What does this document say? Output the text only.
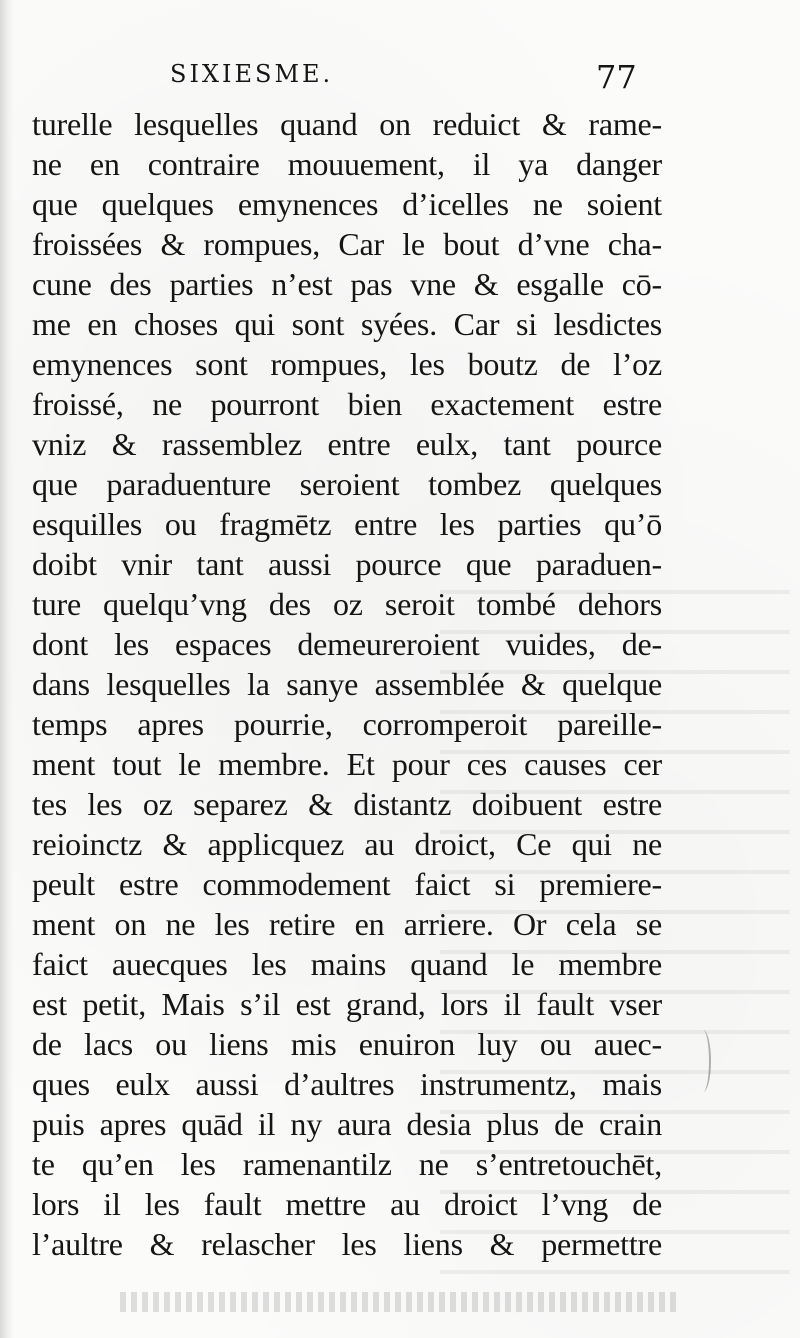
SIXIESME.	77
turelle lesquelles quand on reduict & rame-
ne en contraire mouuement, il ya danger
que quelques emynences d’icelles ne soient
froissées & rompues, Car le bout d’vne cha-
cune des parties n’est pas vne & esgalle cō-
me en choses qui sont syées. Car si lesdictes
emynences sont rompues, les boutz de l’oz
froissé, ne pourront bien exactement estre
vniz & rassemblez entre eulx, tant pource
que paraduenture seroient tombez quelques
esquilles ou fragmētz entre les parties qu’ō
doibt vnir tant aussi pource que paraduen-
ture quelqu’vng des oz seroit tombé dehors
dont les espaces demeureroient vuides, de-
dans lesquelles la sanye assemblée & quelque
temps apres pourrie, corromperoit pareille-
ment tout le membre. Et pour ces causes cer
tes les oz separez & distantz doibuent estre
reioinctz & applicquez au droict, Ce qui ne
peult estre commodement faict si premiere-
ment on ne les retire en arriere. Or cela se
faict auecques les mains quand le membre
est petit, Mais s’il est grand, lors il fault vser
de lacs ou liens mis enuiron luy ou auec-
ques eulx aussi d’aultres instrumentz, mais
puis apres quād il ny aura desia plus de crain
te qu’en les ramenantilz ne s’entretouchēt,
lors il les fault mettre au droict l’vng de
l’aultre & relascher les liens & permettre
